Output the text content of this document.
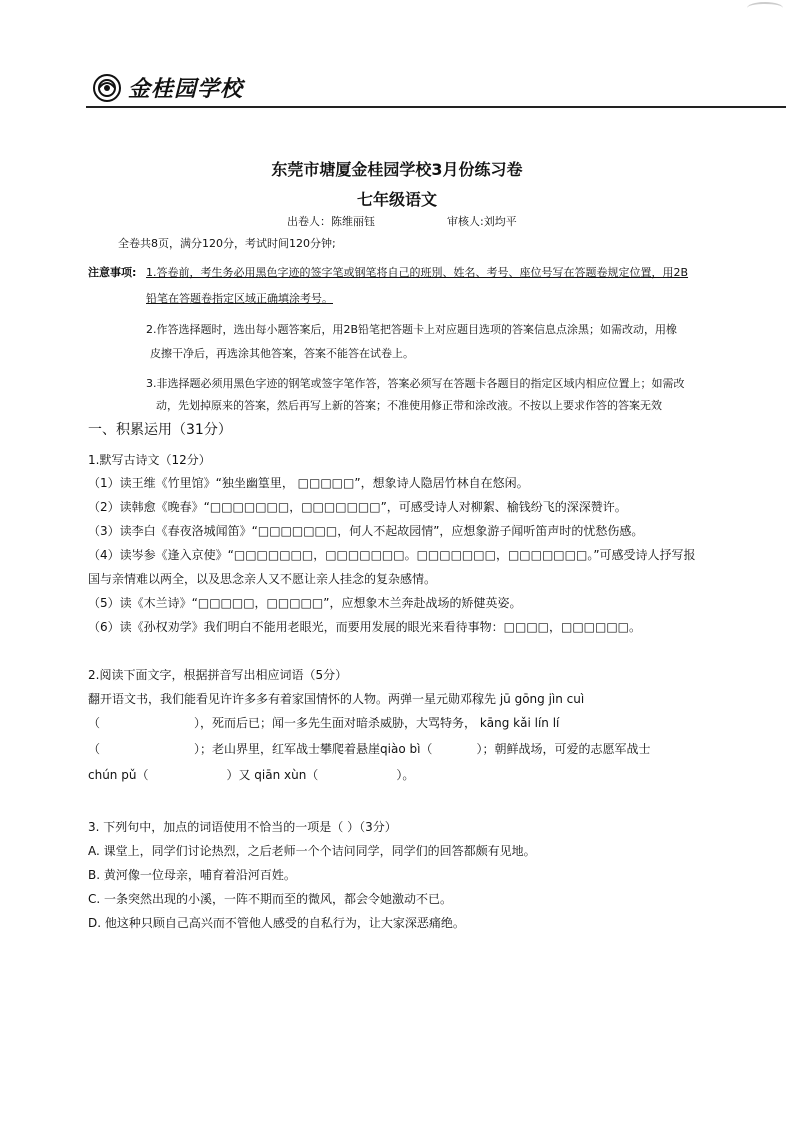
金桂园学校
东莞市塘厦金桂园学校3月份练习卷
七年级语文
出卷人：陈维丽钰	审核人:刘均平
全卷共8页，满分120分，考试时间120分钟;
注意事项: 1.答卷前，考生务必用黑色字迹的签字笔或钢笔将自己的班別、姓名、考号、座位号写在答题卷规定位置，用2B
铅笔在答题卷指定区域正确填涂考号。
2.作答选择题时，选出每小题答案后，用2B铅笔把答题卡上对应题目选项的答案信息点涂黑；如需改动，用橡
皮擦干净后，再选涂其他答案，答案不能答在试卷上。
3.非选择题必须用黑色字迹的钢笔或签字笔作答，答案必须写在答题卡各题目的指定区域内相应位置上；如需改
动，先划掉原来的答案，然后再写上新的答案；不准使用修正带和涂改液。不按以上要求作答的答案无效
一、积累运用（31分）
1.默写古诗文（12分）
（1）读王维《竹里馆》“独坐幽篁里， □□□□□”，想象诗人隐居竹林自在悠闲。
（2）读韩愈《晚春》“□□□□□□□，□□□□□□□”，可感受诗人对柳絮、榆钱纷飞的深深赞许。
（3）读李白《春夜洛城闻笛》“□□□□□□□，何人不起故园情”，应想象游子闻听笛声时的忧愁伤感。
（4）读岑参《逢入京使》“□□□□□□□，□□□□□□□。□□□□□□□，□□□□□□□。”可感受诗人抒写报
国与亲情难以两全，以及思念亲人又不愿让亲人挂念的复杂感情。
（5）读《木兰诗》“□□□□□，□□□□□”，应想象木兰奔赴战场的矫健英姿。
（6）读《孙权劝学》我们明白不能用老眼光，而要用发展的眼光来看待事物：□□□□，□□□□□□。
2.阅读下面文字，根据拼音写出相应词语（5分）
翻开语文书，我们能看见许许多多有着家国情怀的人物。两弹一星元勋邓稼先 jū gōng jìn cuì
（	），死而后已；闻一多先生面对暗杀威胁，大骂特务， kāng kǎi lín lí
（	）；老山界里，红军战士攀爬着悬崖qiào bì（	）；朝鲜战场，可爱的志愿军战士
chún pǔ（	）又 qiān xùn（	）。
3. 下列句中，加点的词语使用不恰当的一项是（ ）（3分）
A. 课堂上，同学们讨论热烈，之后老师一个个诘问同学，同学们的回答都颇有见地。
B. 黄河像一位母亲，哺育着沿河百姓。
C. 一条突然出现的小溪，一阵不期而至的微风，都会令她激动不已。
D. 他这种只顾自己高兴而不管他人感受的自私行为，让大家深恶痛绝。
